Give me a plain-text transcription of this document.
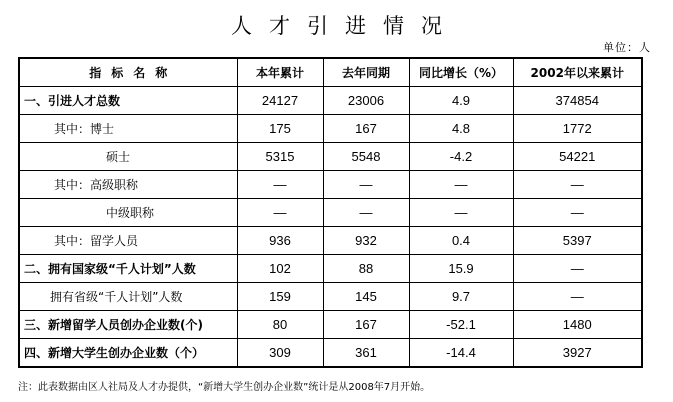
人才引进情况
单位：人
指标名称	本年累计	去年同期	同比增长（%）	2002年以来累计
一、引进人才总数	24127	23006	4.9	374854
其中：博士	175	167	4.8	1772
硕士	5315	5548	-4.2	54221
其中：高级职称	—	—	—	—
中级职称	—	—	—	—
其中：留学人员	936	932	0.4	5397
二、拥有国家级“千人计划”人数	102	88	15.9	—
拥有省级“千人计划”人数	159	145	9.7	—
三、新增留学人员创办企业数(个)	80	167	-52.1	1480
四、新增大学生创办企业数（个）	309	361	-14.4	3927
注：此表数据由区人社局及人才办提供，“新增大学生创办企业数”统计是从2008年7月开始。
